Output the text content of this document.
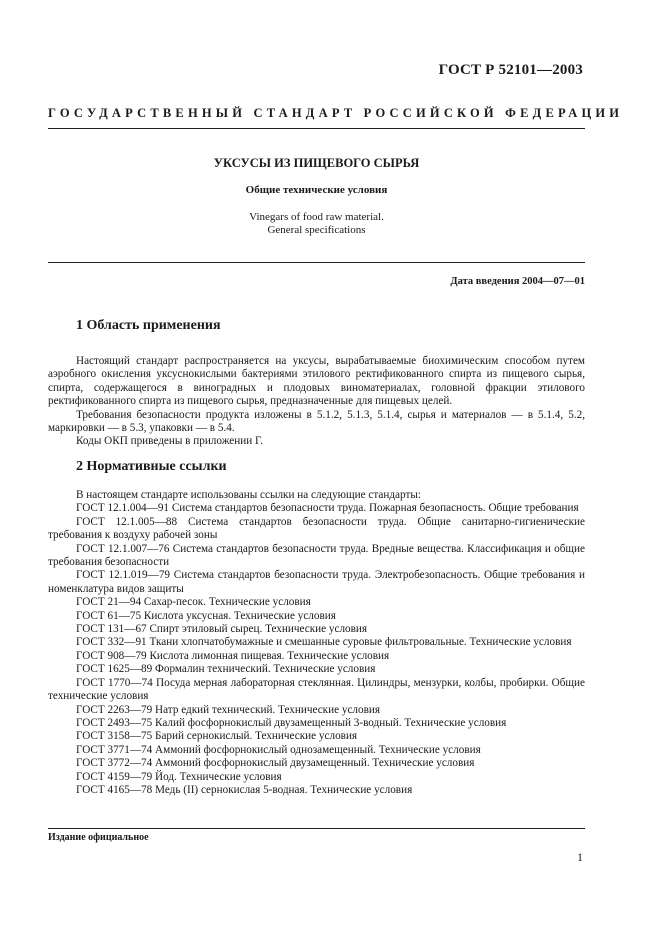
ГОСТ Р 52101—2003
ГОСУДАРСТВЕННЫЙ СТАНДАРТ РОССИЙСКОЙ ФЕДЕРАЦИИ
УКСУСЫ ИЗ ПИЩЕВОГО СЫРЬЯ
Общие технические условия
Vinegars of food raw material.
General specifications
Дата введения 2004—07—01
1 Область применения
Настоящий стандарт распространяется на уксусы, вырабатываемые биохимическим способом путем аэробного окисления уксуснокислыми бактериями этилового ректификованного спирта из пищевого сырья, спирта, содержащегося в виноградных и плодовых виноматериалах, головной фракции этилового ректификованного спирта из пищевого сырья, предназначенные для пищевых целей.
Требования безопасности продукта изложены в 5.1.2, 5.1.3, 5.1.4, сырья и материалов — в 5.1.4, 5.2, маркировки — в 5.3, упаковки — в 5.4.
Коды ОКП приведены в приложении Г.
2 Нормативные ссылки
В настоящем стандарте использованы ссылки на следующие стандарты:
ГОСТ 12.1.004—91 Система стандартов безопасности труда. Пожарная безопасность. Общие требования
ГОСТ 12.1.005—88 Система стандартов безопасности труда. Общие санитарно-гигиенические требования к воздуху рабочей зоны
ГОСТ 12.1.007—76 Система стандартов безопасности труда. Вредные вещества. Классификация и общие требования безопасности
ГОСТ 12.1.019—79 Система стандартов безопасности труда. Электробезопасность. Общие требования и номенклатура видов защиты
ГОСТ 21—94 Сахар-песок. Технические условия
ГОСТ 61—75 Кислота уксусная. Технические условия
ГОСТ 131—67 Спирт этиловый сырец. Технические условия
ГОСТ 332—91 Ткани хлопчатобумажные и смешанные суровые фильтровальные. Технические условия
ГОСТ 908—79 Кислота лимонная пищевая. Технические условия
ГОСТ 1625—89 Формалин технический. Технические условия
ГОСТ 1770—74 Посуда мерная лабораторная стеклянная. Цилиндры, мензурки, колбы, пробирки. Общие технические условия
ГОСТ 2263—79 Натр едкий технический. Технические условия
ГОСТ 2493—75 Калий фосфорнокислый двузамещенный 3-водный. Технические условия
ГОСТ 3158—75 Барий сернокислый. Технические условия
ГОСТ 3771—74 Аммоний фосфорнокислый однозамещенный. Технические условия
ГОСТ 3772—74 Аммоний фосфорнокислый двузамещенный. Технические условия
ГОСТ 4159—79 Йод. Технические условия
ГОСТ 4165—78 Медь (II) сернокислая 5-водная. Технические условия
Издание официальное
1
